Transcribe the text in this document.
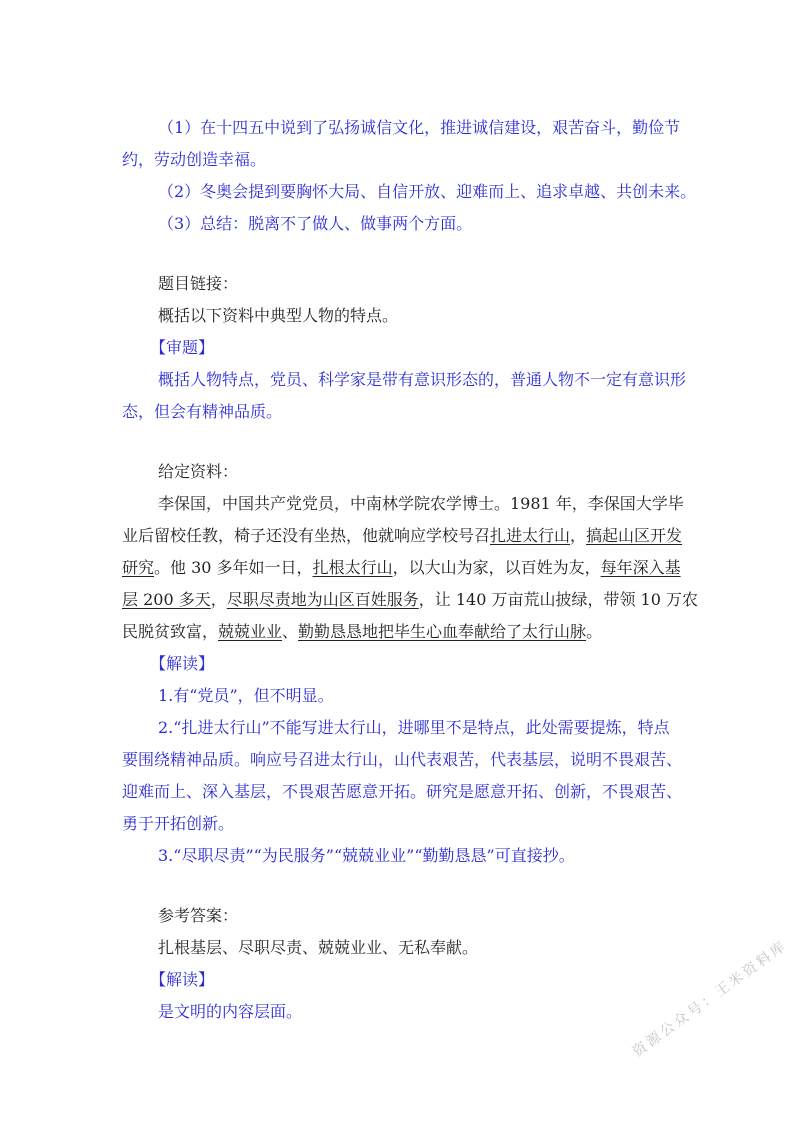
（1）在十四五中说到了弘扬诚信文化，推进诚信建设，艰苦奋斗，勤俭节
约，劳动创造幸福。
（2）冬奥会提到要胸怀大局、自信开放、迎难而上、追求卓越、共创未来。
（3）总结：脱离不了做人、做事两个方面。
题目链接：
概括以下资料中典型人物的特点。
【审题】
概括人物特点，党员、科学家是带有意识形态的，普通人物不一定有意识形
态，但会有精神品质。
给定资料：
李保国，中国共产党党员，中南林学院农学博士。1981 年，李保国大学毕
业后留校任教，椅子还没有坐热，他就响应学校号召扎进太行山，搞起山区开发
研究。他 30 多年如一日，扎根太行山，以大山为家，以百姓为友，每年深入基
层 200 多天，尽职尽责地为山区百姓服务，让 140 万亩荒山披绿，带领 10 万农
民脱贫致富，兢兢业业、勤勤恳恳地把毕生心血奉献给了太行山脉。
【解读】
1.有“党员”，但不明显。
2.“扎进太行山”不能写进太行山，进哪里不是特点，此处需要提炼，特点
要围绕精神品质。响应号召进太行山，山代表艰苦，代表基层，说明不畏艰苦、
迎难而上、深入基层，不畏艰苦愿意开拓。研究是愿意开拓、创新，不畏艰苦、
勇于开拓创新。
3.“尽职尽责”“为民服务”“兢兢业业”“勤勤恳恳”可直接抄。
参考答案：
扎根基层、尽职尽责、兢兢业业、无私奉献。
【解读】
是文明的内容层面。	资源公众号：王米资料库
